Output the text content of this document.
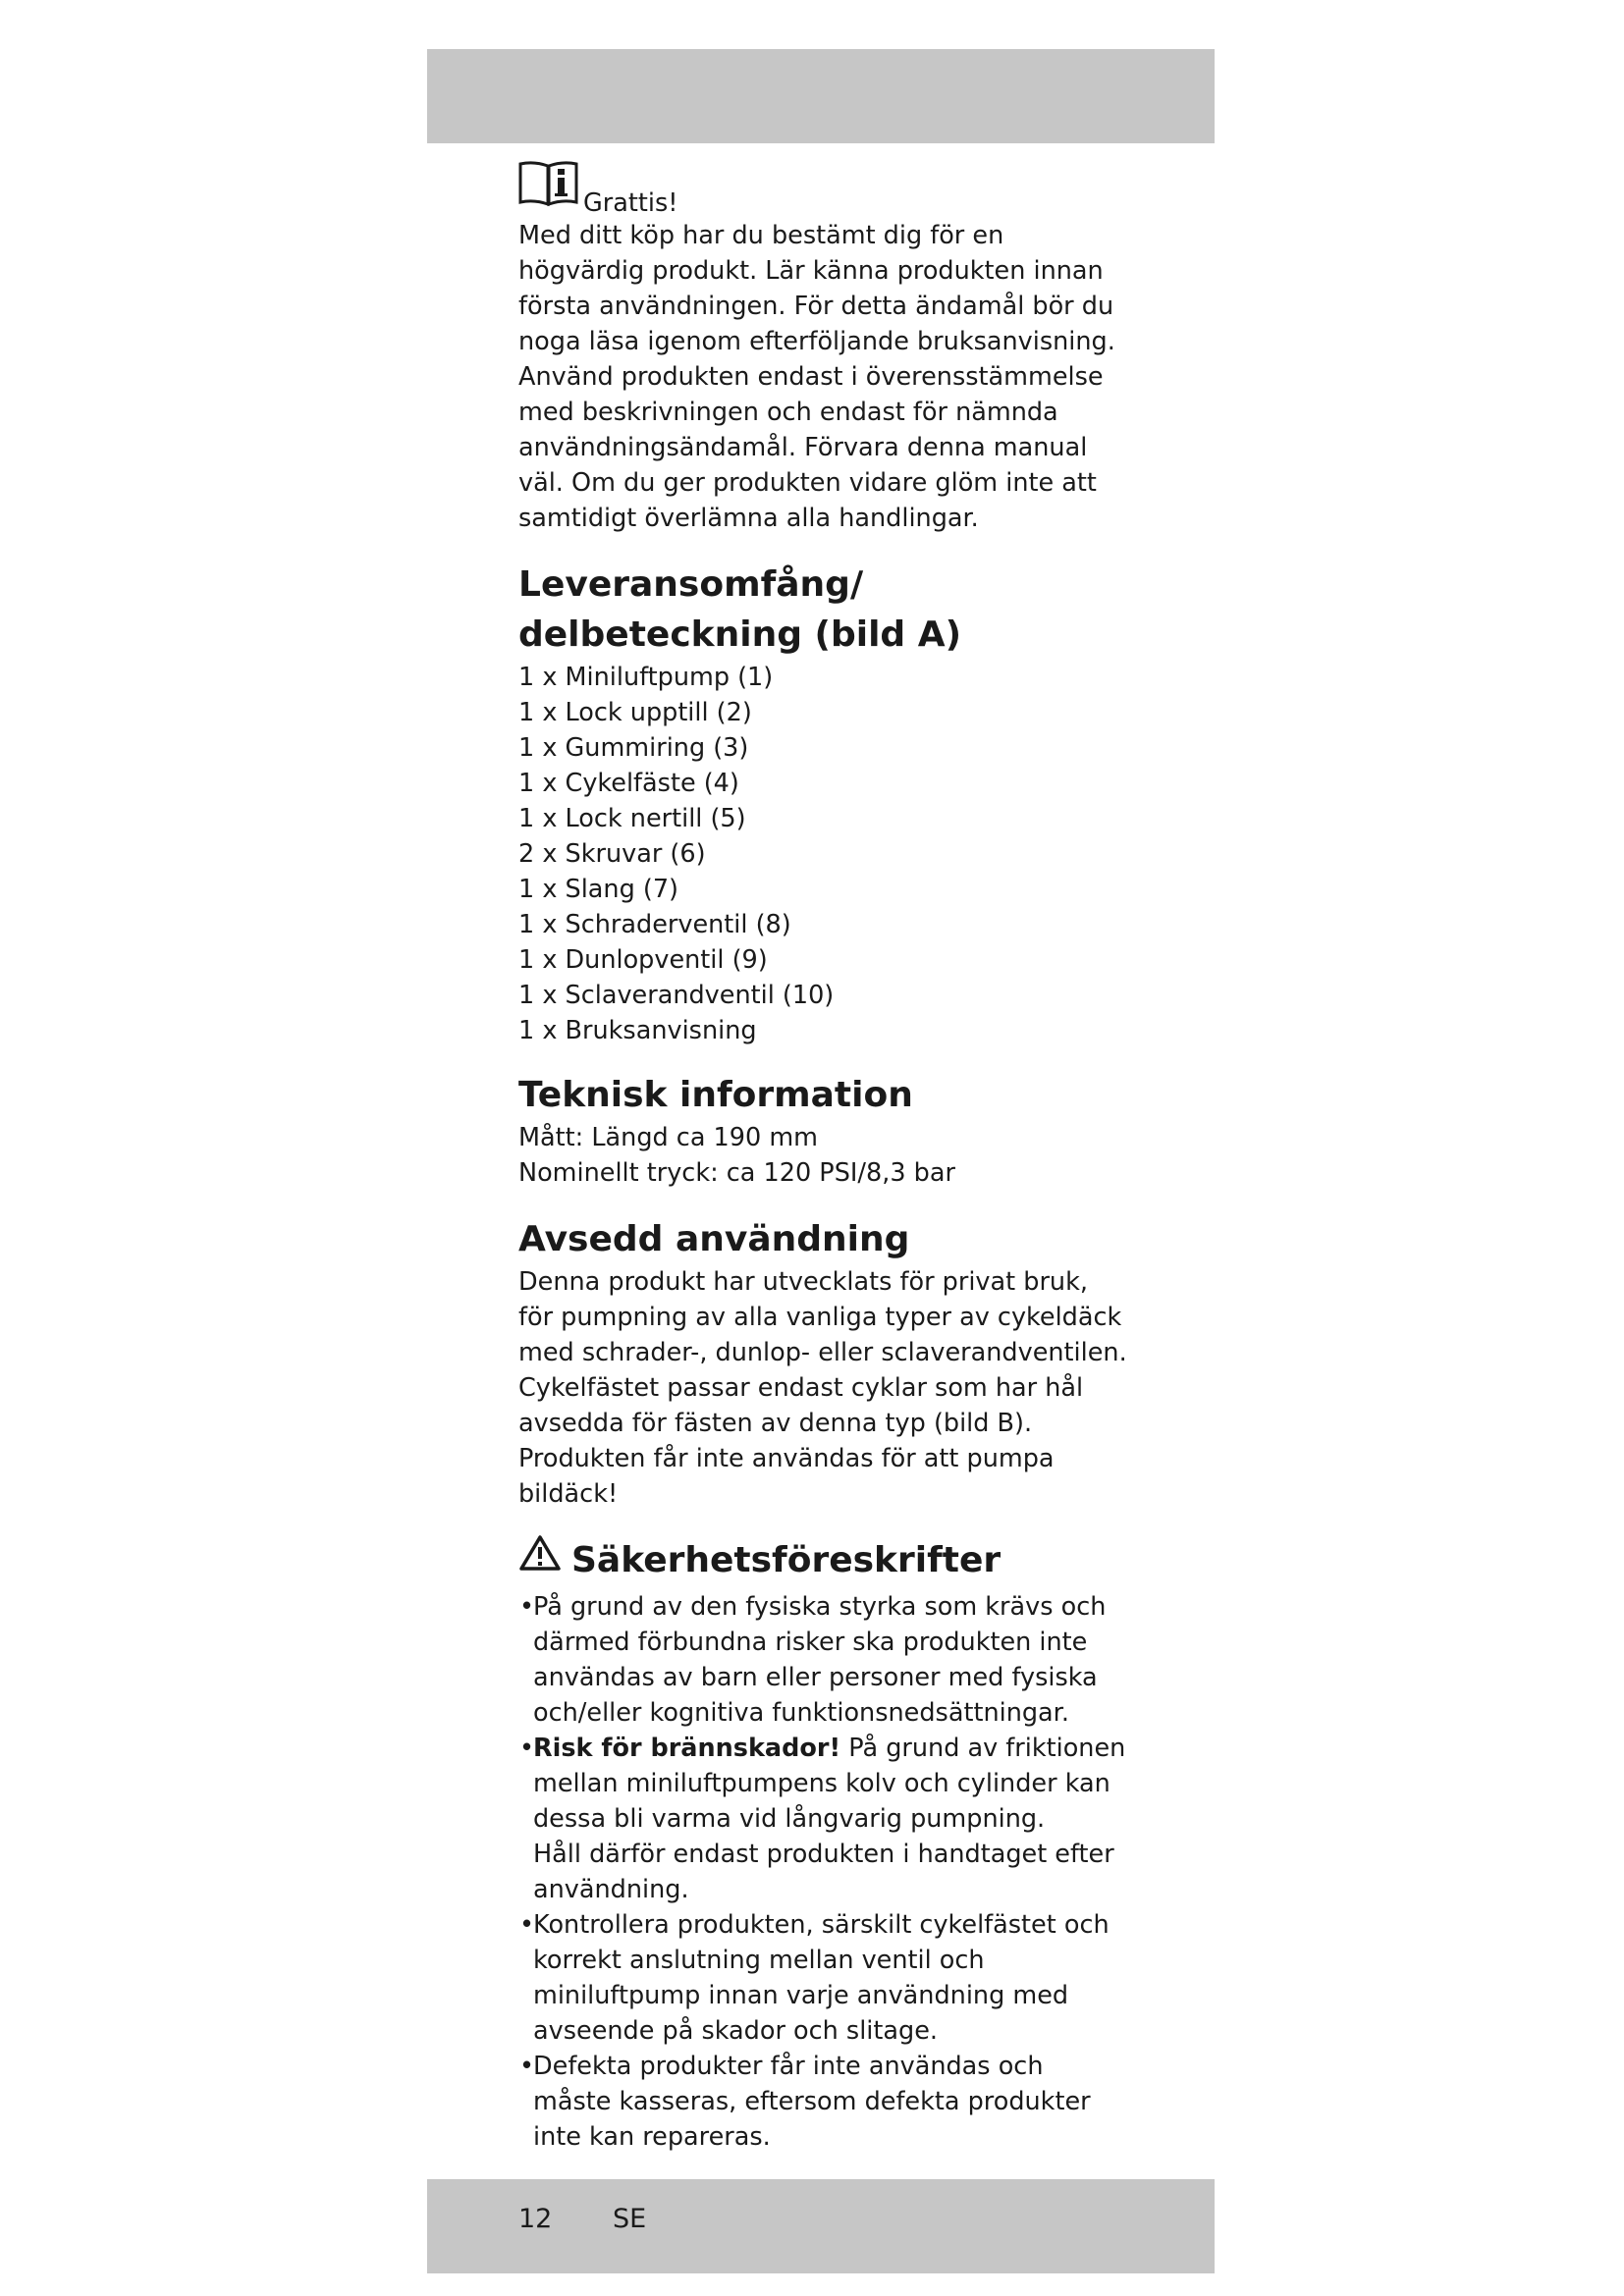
Grattis!

Med ditt köp har du bestämt dig för en högvärdig produkt. Lär känna produkten innan första användningen. För detta ändamål bör du noga läsa igenom efterföljande bruksanvisning.

Använd produkten endast i överensstämmelse med beskrivningen och endast för nämnda användningsändamål. Förvara denna manual väl. Om du ger produkten vidare glöm inte att samtidigt överlämna alla handlingar.

Leveransomfång/
delbeteckning (bild A)
1 x Miniluftpump (1)
1 x Lock upptill (2)
1 x Gummiring (3)
1 x Cykelfäste (4)
1 x Lock nertill (5)
2 x Skruvar (6)
1 x Slang (7)
1 x Schraderventil (8)
1 x Dunlopventil (9)
1 x Sclaverandventil (10)
1 x Bruksanvisning
Teknisk information

Mått: Längd ca 190 mm

Nominellt tryck: ca 120 PSI/8,3 bar

Avsedd användning

Denna produkt har utvecklats för privat bruk, för pumpning av alla vanliga typer av cykeldäck med schrader-, dunlop- eller sclaverandventilen.

Cykelfästet passar endast cyklar som har hål avsedda för fästen av denna typ (bild B).

Produkten får inte användas för att pumpa bildäck!

Säkerhetsföreskrifter
• På grund av den fysiska styrka som krävs och därmed förbundna risker ska produkten inte användas av barn eller personer med fysiska och/eller kognitiva funktionsnedsättningar.
• Risk för brännskador! På grund av friktionen mellan miniluftpumpens kolv och cylinder kan dessa bli varma vid långvarig pumpning.
Håll därför endast produkten i handtaget efter användning.
• Kontrollera produkten, särskilt cykelfästet och korrekt anslutning mellan ventil och miniluftpump innan varje användning med avseende på skador och slitage.
• Defekta produkter får inte användas och måste kasseras, eftersom defekta produkter inte kan repareras.
12 SE
